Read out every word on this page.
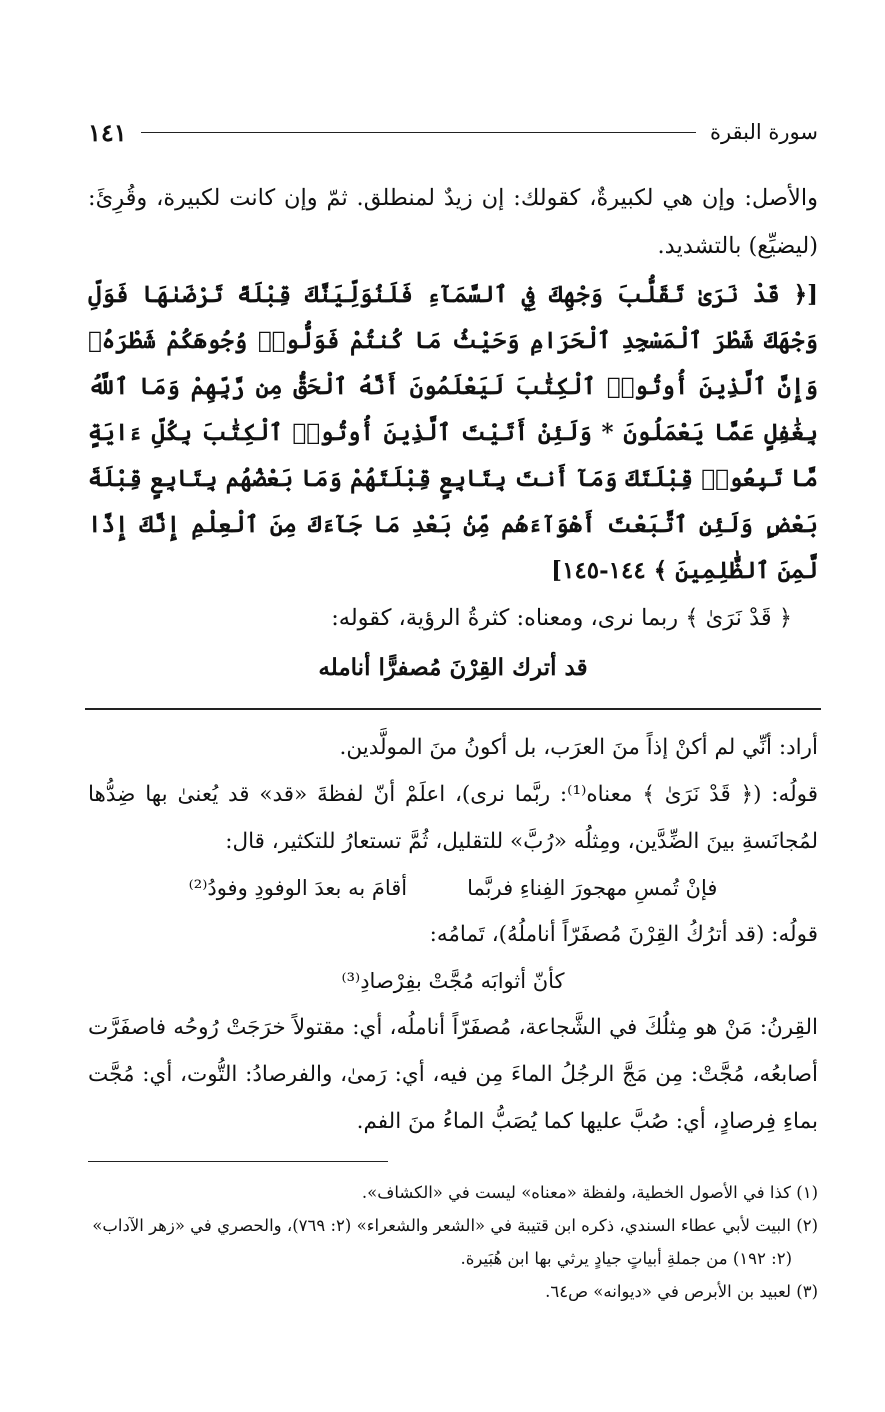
سورة البقرة
١٤١

والأصل: وإن هي لكبيرةٌ، كقولك: إن زيدٌ لمنطلق. ثمّ وإن كانت لكبيرة، وقُرِئَ: (ليضيِّع) بالتشديد.

[﴿ قَدْ نَرَىٰ تَقَلُّبَ وَجْهِكَ فِي ٱلسَّمَآءِ فَلَنُوَلِّيَنَّكَ قِبْلَةً تَرْضَىٰهَا فَوَلِّ وَجْهَكَ شَطْرَ ٱلْمَسْجِدِ ٱلْحَرَامِ وَحَيْثُ مَا كُنتُمْ فَوَلُّوا۟ وُجُوهَكُمْ شَطْرَهُۥ وَإِنَّ ٱلَّذِينَ أُوتُوا۟ ٱلْكِتَٰبَ لَيَعْلَمُونَ أَنَّهُ ٱلْحَقُّ مِن رَّبِّهِمْ وَمَا ٱللَّهُ بِغَٰفِلٍ عَمَّا يَعْمَلُونَ * وَلَئِنْ أَتَيْتَ ٱلَّذِينَ أُوتُوا۟ ٱلْكِتَٰبَ بِكُلِّ ءَايَةٍ مَّا تَبِعُوا۟ قِبْلَتَكَ وَمَآ أَنتَ بِتَابِعٍ قِبْلَتَهُمْ وَمَا بَعْضُهُم بِتَابِعٍ قِبْلَةَ بَعْضٍ وَلَئِنِ ٱتَّبَعْتَ أَهْوَآءَهُم مِّنۢ بَعْدِ مَا جَآءَكَ مِنَ ٱلْعِلْمِ إِنَّكَ إِذًا لَّمِنَ ٱلظَّٰلِمِينَ ﴾ ١٤٤-١٤٥]

﴿ قَدْ نَرَىٰ ﴾ ربما نرى، ومعناه: كثرةُ الرؤية، كقوله:

قد أترك القِرْنَ مُصفرًّا أنامله

أراد: أنِّي لم أكنْ إذاً منَ العرَب، بل أكونُ منَ المولَّدين.

قولُه: (﴿ قَدْ نَرَىٰ ﴾ معناه⁽¹⁾: ربَّما نرى)، اعلَمْ أنّ لفظةَ «قد» قد يُعنىٰ بها ضِدُّها لمُجانَسةِ بينَ الضِّدَّين، ومِثلُه «رُبَّ» للتقليل، ثُمَّ تستعارُ للتكثير، قال:

فإنْ تُمسِ مهجورَ الفِناءِ فربَّما
أقامَ به بعدَ الوفودِ وفودُ⁽²⁾

قولُه: (قد أترُكُ القِرْنَ مُصفَرّاً أناملُهُ)، تَمامُه:

كأنّ أثوابَه مُجَّتْ بفِرْصادِ⁽³⁾

القِرنُ: مَنْ هو مِثلُكَ في الشَّجاعة، مُصفَرّاً أناملُه، أي: مقتولاً خرَجَتْ رُوحُه فاصفَرَّت أصابعُه، مُجَّتْ: مِن مَجَّ الرجُلُ الماءَ مِن فيه، أي: رَمىٰ، والفرصادُ: التُّوت، أي: مُجَّت بماءِ فِرصادٍ، أي: صُبَّ عليها كما يُصَبُّ الماءُ منَ الفم.

(١) كذا في الأصول الخطية، ولفظة «معناه» ليست في «الكشاف».

(٢) البيت لأبي عطاء السندي، ذكره ابن قتيبة في «الشعر والشعراء» (٢: ٧٦٩)، والحصري في «زهر الآداب»

(٢: ١٩٢) من جملةِ أبياتٍ جيادٍ يرثي بها ابن هُبَيرة.

(٣) لعبيد بن الأبرص في «ديوانه» ص٦٤.
